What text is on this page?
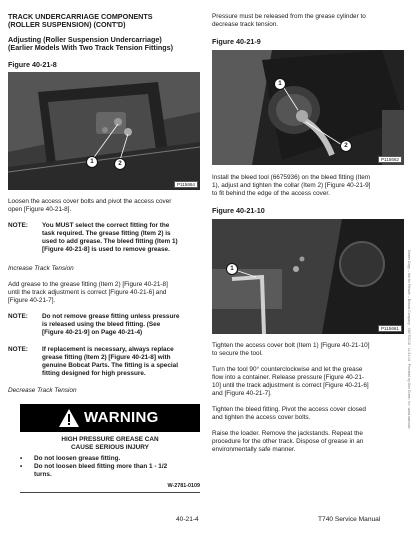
TRACK UNDERCARRIAGE COMPONENTS
(ROLLER SUSPENSION) (CONT'D)
Adjusting (Roller Suspension Undercarriage)
(Earlier Models With Two Track Tension Fittings)
Figure 40-21-8
1	2
P115664
Loosen the access cover bolts and pivot the access cover
open [Figure 40-21-8].
NOTE: You MUST select the correct fitting for the
task required. The grease fitting (Item 2) is
used to add grease. The bleed fitting (Item 1)
[Figure 40-21-8] is used to remove grease.
Increase Track Tension
Add grease to the grease fitting (Item 2) [Figure 40-21-8]
until the track adjustment is correct [Figure 40-21-6] and
[Figure 40-21-7].
NOTE: Do not remove grease fitting unless pressure
is released using the bleed fitting. (See
[Figure 40-21-9] on Page 40-21-4)
NOTE: If replacement is necessary, always replace
grease fitting (Item 2) [Figure 40-21-8] with
genuine Bobcat Parts. The fitting is a special
fitting designed for high pressure.
Decrease Track Tension
WARNING
HIGH PRESSURE GREASE CAN
CAUSE SERIOUS INJURY
• Do not loosen grease fitting.
• Do not loosen bleed fitting more than 1 - 1/2
turns.
W-2781-0109
Pressure must be released from the grease cylinder to
decrease track tension.
Figure 40-21-9
1
2
P115662
Install the bleed tool (6675936) on the bleed fitting (Item
1), adjust and tighten the collar (Item 2) [Figure 40-21-9]
to fit behind the edge of the access cover.
Figure 40-21-10
1
P115661
Tighten the access cover bolt (Item 1) [Figure 40-21-10]
to secure the tool.
Turn the tool 90° counterclockwise and let the grease
flow into a container. Release pressure [Figure 40-21-
10] until the track adjustment is correct [Figure 40-21-6]
and [Figure 40-21-7].
Tighten the bleed fitting. Pivot the access cover closed
and tighten the access cover bolts.
Raise the loader. Remove the jackstands. Repeat the
procedure for the other track. Dispose of grease in an
environmentally safe manner.
40-21-4	T740 Service Manual
Dealer Copy -- Not for Resale -- Bobcat Company · 06/07/2018 · 11:31:14 · Provided by Geo Green, Inc. www.manuals
